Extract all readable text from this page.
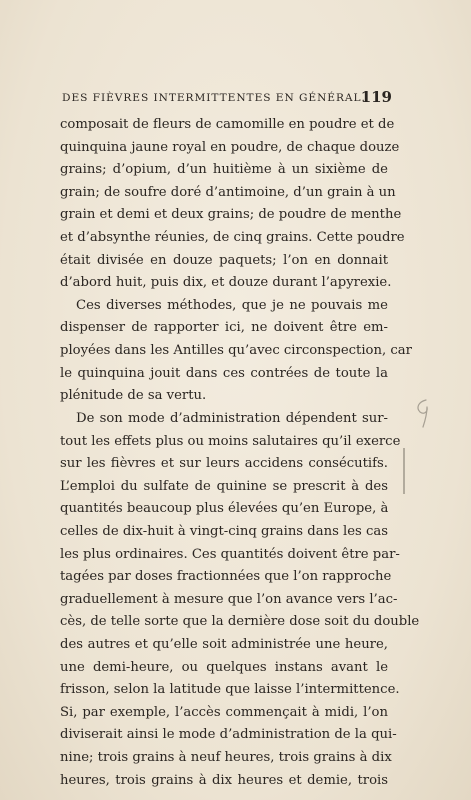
DES FIÈVRES INTERMITTENTES EN GÉNÉRAL.
119
composait de fleurs de camomille en poudre et de
quinquina jaune royal en poudre, de chaque douze
grains; d’opium, d’un huitième à un sixième de
grain; de soufre doré d’antimoine, d’un grain à un
grain et demi et deux grains; de poudre de menthe
et d’absynthe réunies, de cinq grains. Cette poudre
était divisée en douze paquets; l’on en donnait
d’abord huit, puis dix, et douze durant l’apyrexie.
Ces diverses méthodes, que je ne pouvais me
dispenser de rapporter ici, ne doivent être em-
ployées dans les Antilles qu’avec circonspection, car
le quinquina jouit dans ces contrées de toute la
plénitude de sa vertu.
De son mode d’administration dépendent sur-
tout les effets plus ou moins salutaires qu’il exerce
sur les fièvres et sur leurs accidens consécutifs.
L’emploi du sulfate de quinine se prescrit à des
quantités beaucoup plus élevées qu’en Europe, à
celles de dix-huit à vingt-cinq grains dans les cas
les plus ordinaires. Ces quantités doivent être par-
tagées par doses fractionnées que l’on rapproche
graduellement à mesure que l’on avance vers l’ac-
cès, de telle sorte que la dernière dose soit du double
des autres et qu’elle soit administrée une heure,
une demi-heure, ou quelques instans avant le
frisson, selon la latitude que laisse l’intermittence.
Si, par exemple, l’accès commençait à midi, l’on
diviserait ainsi le mode d’administration de la qui-
nine; trois grains à neuf heures, trois grains à dix
heures, trois grains à dix heures et demie, trois
